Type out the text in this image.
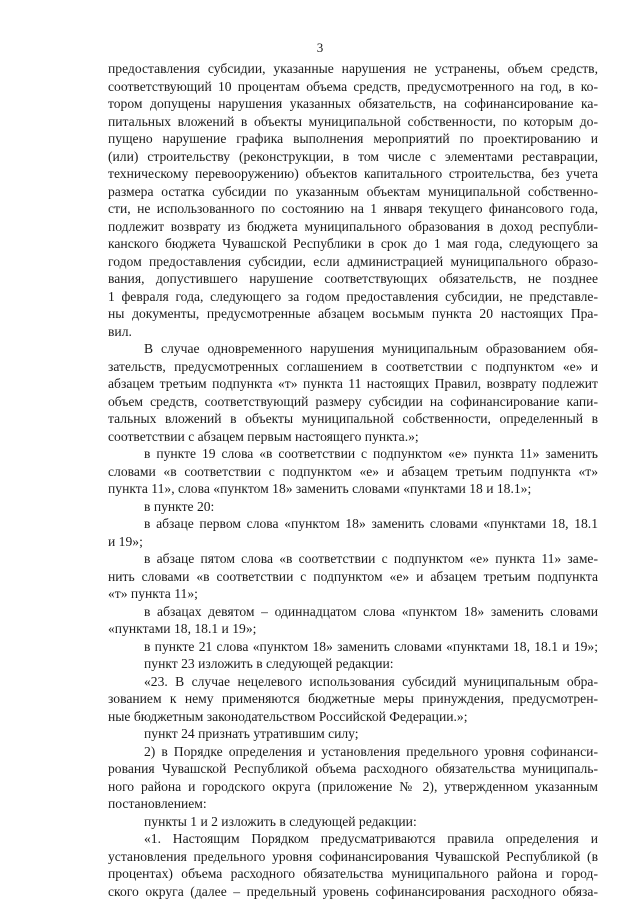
3
предоставления субсидии, указанные нарушения не устранены, объем средств,
соответствующий 10 процентам объема средств, предусмотренного на год, в ко-
тором допущены нарушения указанных обязательств, на софинансирование ка-
питальных вложений в объекты муниципальной собственности, по которым до-
пущено нарушение графика выполнения мероприятий по проектированию и
(или) строительству (реконструкции, в том числе с элементами реставрации,
техническому перевооружению) объектов капитального строительства, без учета
размера остатка субсидии по указанным объектам муниципальной собственно-
сти, не использованного по состоянию на 1 января текущего финансового года,
подлежит возврату из бюджета муниципального образования в доход республи-
канского бюджета Чувашской Республики в срок до 1 мая года, следующего за
годом предоставления субсидии, если администрацией муниципального образо-
вания, допустившего нарушение соответствующих обязательств, не позднее
1 февраля года, следующего за годом предоставления субсидии, не представле-
ны документы, предусмотренные абзацем восьмым пункта 20 настоящих Пра-
вил.
В случае одновременного нарушения муниципальным образованием обя-
зательств, предусмотренных соглашением в соответствии с подпунктом «е» и
абзацем третьим подпункта «т» пункта 11 настоящих Правил, возврату подлежит
объем средств, соответствующий размеру субсидии на софинансирование капи-
тальных вложений в объекты муниципальной собственности, определенный в
соответствии с абзацем первым настоящего пункта.»;
в пункте 19 слова «в соответствии с подпунктом «е» пункта 11» заменить
словами «в соответствии с подпунктом «е» и абзацем третьим подпункта «т»
пункта 11», слова «пунктом 18» заменить словами «пунктами 18 и 18.1»;
в пункте 20:
в абзаце первом слова «пунктом 18» заменить словами «пунктами 18, 18.1
и 19»;
в абзаце пятом слова «в соответствии с подпунктом «е» пункта 11» заме-
нить словами «в соответствии с подпунктом «е» и абзацем третьим подпункта
«т» пункта 11»;
в абзацах девятом – одиннадцатом слова «пунктом 18» заменить словами
«пунктами 18, 18.1 и 19»;
в пункте 21 слова «пунктом 18» заменить словами «пунктами 18, 18.1 и 19»;
пункт 23 изложить в следующей редакции:
«23. В случае нецелевого использования субсидий муниципальным обра-
зованием к нему применяются бюджетные меры принуждения, предусмотрен-
ные бюджетным законодательством Российской Федерации.»;
пункт 24 признать утратившим силу;
2) в Порядке определения и установления предельного уровня софинанси-
рования Чувашской Республикой объема расходного обязательства муниципаль-
ного района и городского округа (приложение № 2), утвержденном указанным
постановлением:
пункты 1 и 2 изложить в следующей редакции:
«1. Настоящим Порядком предусматриваются правила определения и
установления предельного уровня софинансирования Чувашской Республикой (в
процентах) объема расходного обязательства муниципального района и город-
ского округа (далее – предельный уровень софинансирования расходного обяза-
